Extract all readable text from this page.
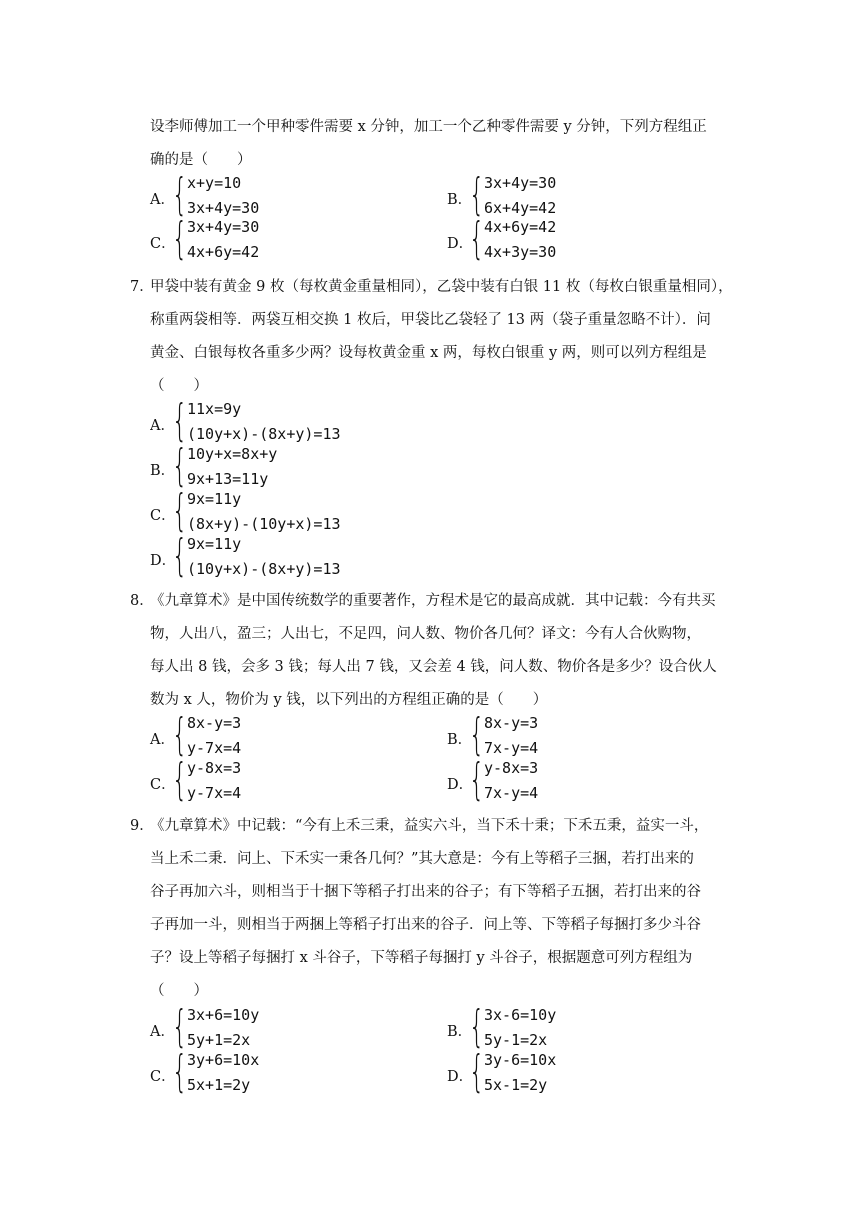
设李师傅加工一个甲种零件需要 x 分钟，加工一个乙种零件需要 y 分钟，下列方程组正
确的是（　　）
A．
{ x+y=10
3x+4y=30	B．
{ 3x+4y=30
6x+4y=42
C．
{ 3x+4y=30
4x+6y=42	D．
{ 4x+6y=42
4x+3y=30
7．甲袋中装有黄金 9 枚（每枚黄金重量相同），乙袋中装有白银 11 枚（每枚白银重量相同），
称重两袋相等．两袋互相交换 1 枚后，甲袋比乙袋轻了 13 两（袋子重量忽略不计）．问
黄金、白银每枚各重多少两？设每枚黄金重 x 两，每枚白银重 y 两，则可以列方程组是
（　　）
A．
{ 11x=9y
(10y+x)-(8x+y)=13
B．
{ 10y+x=8x+y
9x+13=11y
C．
{ 9x=11y
(8x+y)-(10y+x)=13
D．
{ 9x=11y
(10y+x)-(8x+y)=13
8．《九章算术》是中国传统数学的重要著作，方程术是它的最高成就．其中记载：今有共买
物，人出八，盈三；人出七，不足四，问人数、物价各几何？译文：今有人合伙购物，
每人出 8 钱，会多 3 钱；每人出 7 钱，又会差 4 钱，问人数、物价各是多少？设合伙人
数为 x 人，物价为 y 钱，以下列出的方程组正确的是（　　）
A．
{ 8x-y=3
y-7x=4	B．
{ 8x-y=3
7x-y=4
C．
{ y-8x=3
y-7x=4	D．
{ y-8x=3
7x-y=4
9．《九章算术》中记载：“今有上禾三秉，益实六斗，当下禾十秉；下禾五秉，益实一斗，
当上禾二秉．问上、下禾实一秉各几何？”其大意是：今有上等稻子三捆，若打出来的
谷子再加六斗，则相当于十捆下等稻子打出来的谷子；有下等稻子五捆，若打出来的谷
子再加一斗，则相当于两捆上等稻子打出来的谷子．问上等、下等稻子每捆打多少斗谷
子？设上等稻子每捆打 x 斗谷子，下等稻子每捆打 y 斗谷子，根据题意可列方程组为
（　　）
A．
{ 3x+6=10y
5y+1=2x	B．
{ 3x-6=10y
5y-1=2x
C．
{ 3y+6=10x
5x+1=2y	D．
{ 3y-6=10x
5x-1=2y
